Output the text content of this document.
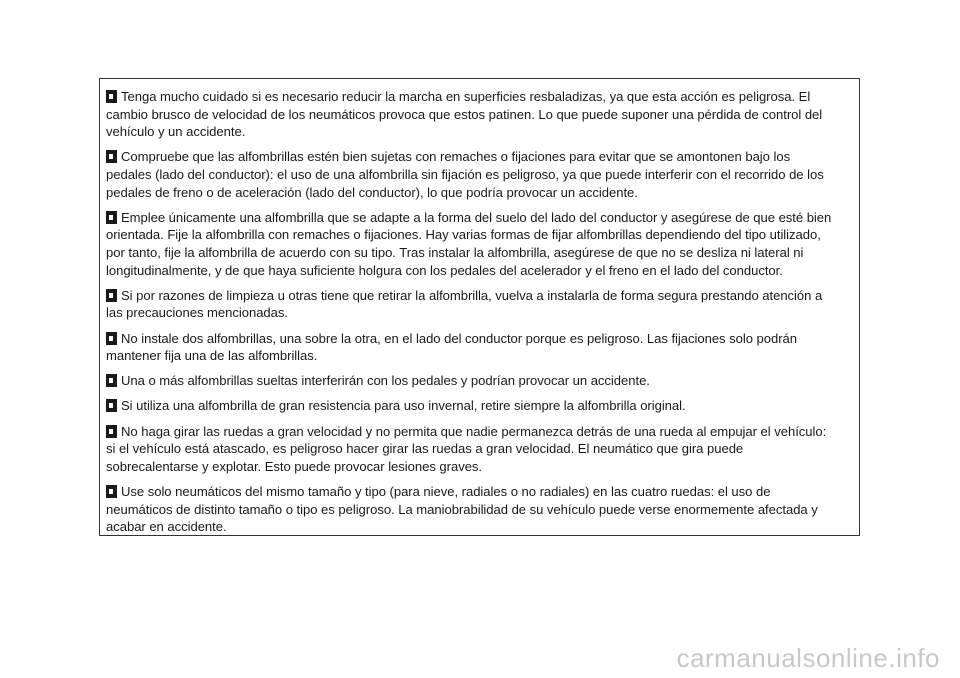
Tenga mucho cuidado si es necesario reducir la marcha en superficies resbaladizas, ya que esta acción es peligrosa. El
cambio brusco de velocidad de los neumáticos provoca que estos patinen. Lo que puede suponer una pérdida de control del
vehículo y un accidente.

Compruebe que las alfombrillas estén bien sujetas con remaches o fijaciones para evitar que se amontonen bajo los
pedales (lado del conductor): el uso de una alfombrilla sin fijación es peligroso, ya que puede interferir con el recorrido de los
pedales de freno o de aceleración (lado del conductor), lo que podría provocar un accidente.

Emplee únicamente una alfombrilla que se adapte a la forma del suelo del lado del conductor y asegúrese de que esté bien
orientada. Fije la alfombrilla con remaches o fijaciones. Hay varias formas de fijar alfombrillas dependiendo del tipo utilizado,
por tanto, fije la alfombrilla de acuerdo con su tipo. Tras instalar la alfombrilla, asegúrese de que no se desliza ni lateral ni
longitudinalmente, y de que haya suficiente holgura con los pedales del acelerador y el freno en el lado del conductor.

Si por razones de limpieza u otras tiene que retirar la alfombrilla, vuelva a instalarla de forma segura prestando atención a
las precauciones mencionadas.

No instale dos alfombrillas, una sobre la otra, en el lado del conductor porque es peligroso. Las fijaciones solo podrán
mantener fija una de las alfombrillas.

Una o más alfombrillas sueltas interferirán con los pedales y podrían provocar un accidente.

Si utiliza una alfombrilla de gran resistencia para uso invernal, retire siempre la alfombrilla original.

No haga girar las ruedas a gran velocidad y no permita que nadie permanezca detrás de una rueda al empujar el vehículo:
si el vehículo está atascado, es peligroso hacer girar las ruedas a gran velocidad. El neumático que gira puede
sobrecalentarse y explotar. Esto puede provocar lesiones graves.

Use solo neumáticos del mismo tamaño y tipo (para nieve, radiales o no radiales) en las cuatro ruedas: el uso de
neumáticos de distinto tamaño o tipo es peligroso. La maniobrabilidad de su vehículo puede verse enormemente afectada y
acabar en accidente.

carmanualsonline.info
